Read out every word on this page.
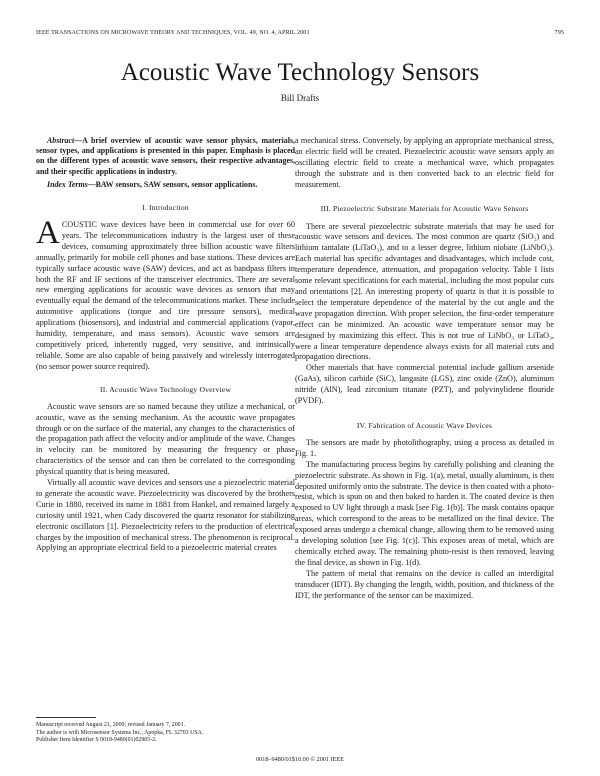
IEEE TRANSACTIONS ON MICROWAVE THEORY AND TECHNIQUES, VOL. 49, NO. 4, APRIL 2001	795
Acoustic Wave Technology Sensors
Bill Drafts
Abstract—A brief overview of acoustic wave sensor physics, materials, sensor types, and applications is presented in this paper. Emphasis is placed on the different types of acoustic wave sensors, their respective advantages, and their specific applications in industry.
Index Terms—BAW sensors, SAW sensors, sensor applications.
I. Introduction

ACOUSTIC wave devices have been in commercial use for over 60 years. The telecommunications industry is the largest user of these devices, consuming approximately three billion acoustic wave filters annually, primarily for mobile cell phones and base stations. These devices are typically surface acoustic wave (SAW) devices, and act as bandpass filters in both the RF and IF sections of the transceiver electronics. There are several new emerging applications for acoustic wave devices as sensors that may eventually equal the demand of the telecommunications market. These include automotive applications (torque and tire pressure sensors), medical applications (biosensors), and industrial and commercial applications (vapor, humidity, temperature, and mass sensors). Acoustic wave sensors are competitively priced, inherently rugged, very sensitive, and intrinsically reliable. Some are also capable of being passively and wirelessly interrogated (no sensor power source required).

II. Acoustic Wave Technology Overview

Acoustic wave sensors are so named because they utilize a mechanical, or acoustic, wave as the sensing mechanism. As the acoustic wave propagates through or on the surface of the material, any changes to the characteristics of the propagation path affect the velocity and/or amplitude of the wave. Changes in velocity can be monitored by measuring the frequency or phase characteristics of the sensor and can then be correlated to the corresponding physical quantity that is being measured.

Virtually all acoustic wave devices and sensors use a piezoelectric material to generate the acoustic wave. Piezoelectricity was discovered by the brothers Curie in 1880, received its name in 1881 from Hankel, and remained largely a curiosity until 1921, when Cady discovered the quartz resonator for stabilizing electronic oscillators [1]. Piezoelectricity refers to the production of electrical charges by the imposition of mechanical stress. The phenomenon is reciprocal. Applying an appropriate electrical field to a piezoelectric material creates

a mechanical stress. Conversely, by applying an appropriate mechanical stress, an electric field will be created. Piezoelectric acoustic wave sensors apply an oscillating electric field to create a mechanical wave, which propagates through the substrate and is then converted back to an electric field for measurement.

III. Piezoelectric Substrate Materials for Acoustic Wave Sensors

There are several piezoelectric substrate materials that may be used for acoustic wave sensors and devices. The most common are quartz (SiO₂) and lithium tantalate (LiTaO₃), and to a lesser degree, lithium niobate (LiNbO₃). Each material has specific advantages and disadvantages, which include cost, temperature dependence, attenuation, and propagation velocity. Table I lists some relevant specifications for each material, including the most popular cuts and orientations [2]. An interesting property of quartz is that it is possible to select the temperature dependence of the material by the cut angle and the wave propagation direction. With proper selection, the first-order temperature effect can be minimized. An acoustic wave temperature sensor may be designed by maximizing this effect. This is not true of LiNbO₃ or LiTaO₃, were a linear temperature dependence always exists for all material cuts and propagation directions.

Other materials that have commercial potential include gallium arsenide (GaAs), silicon carbide (SiC), langasite (LGS), zinc oxide (ZnO), aluminum nitride (AlN), lead zirconium titanate (PZT), and polyvinylidene flouride (PVDF).

IV. Fabrication of Acoustic Wave Devices

The sensors are made by photolithography, using a process as detailed in Fig. 1.

The manufacturing process begins by carefully polishing and cleaning the piezoelectric substrate. As shown in Fig. 1(a), metal, usually aluminum, is then deposited uniformly onto the substrate. The device is then coated with a photo-resist, which is spun on and then baked to harden it. The coated device is then exposed to UV light through a mask [see Fig. 1(b)]. The mask contains opaque areas, which correspond to the areas to be metallized on the final device. The exposed areas undergo a chemical change, allowing them to be removed using a developing solution [see Fig. 1(c)]. This exposes areas of metal, which are chemically etched away. The remaining photo-resist is then removed, leaving the final device, as shown in Fig. 1(d).

The pattern of metal that remains on the device is called an interdigital transducer (IDT). By changing the length, width, position, and thickness of the IDT, the performance of the sensor can be maximized.

Manuscript received August 21, 2000; revised January 7, 2001.
The author is with Microsensor Systems Inc., Apopka, FL 32703 USA.
Publisher Item Identifier S 0018-9480(01)02905-2.
0018–9480/01$10.00 © 2001 IEEE
